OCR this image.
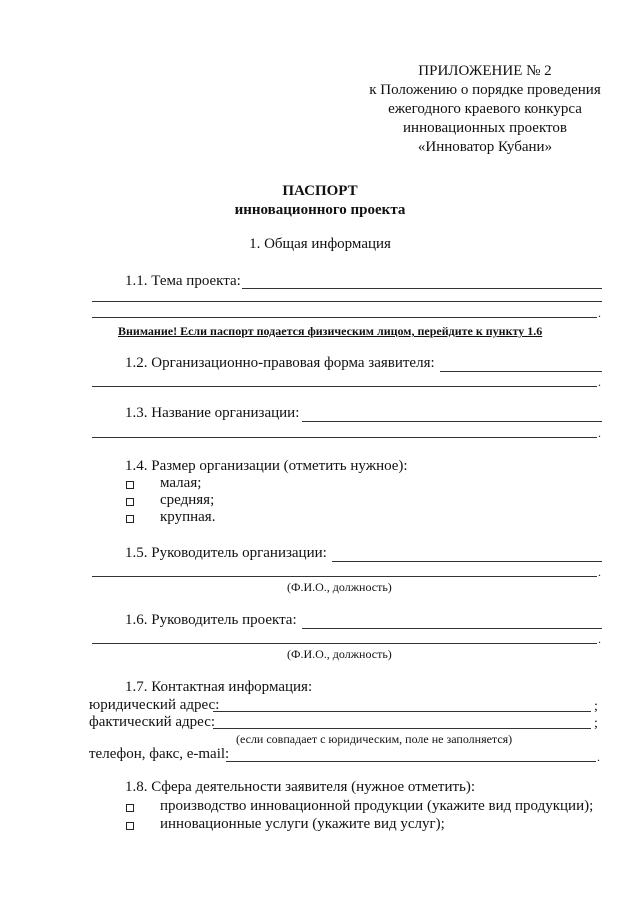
ПРИЛОЖЕНИЕ № 2
к Положению о порядке проведения
ежегодного краевого конкурса
инновационных проектов
«Инноватор Кубани»
ПАСПОРТ
инновационного проекта
1. Общая информация
1.1. Тема проекта:
.
Внимание! Если паспорт подается физическим лицом, перейдите к пункту 1.6
1.2. Организационно-правовая форма заявителя:
.
1.3. Название организации:
.
1.4. Размер организации (отметить нужное):
малая;
средняя;
крупная.
1.5. Руководитель организации:
.
(Ф.И.О., должность)
1.6. Руководитель проекта:
.
(Ф.И.О., должность)
1.7. Контактная информация:
юридический адрес:	;
фактический адрес:	;
(если совпадает с юридическим, поле не заполняется)
телефон, факс, e-mail:	.
1.8. Сфера деятельности заявителя (нужное отметить):
производство инновационной продукции (укажите вид продукции);
инновационные услуги (укажите вид услуг);
